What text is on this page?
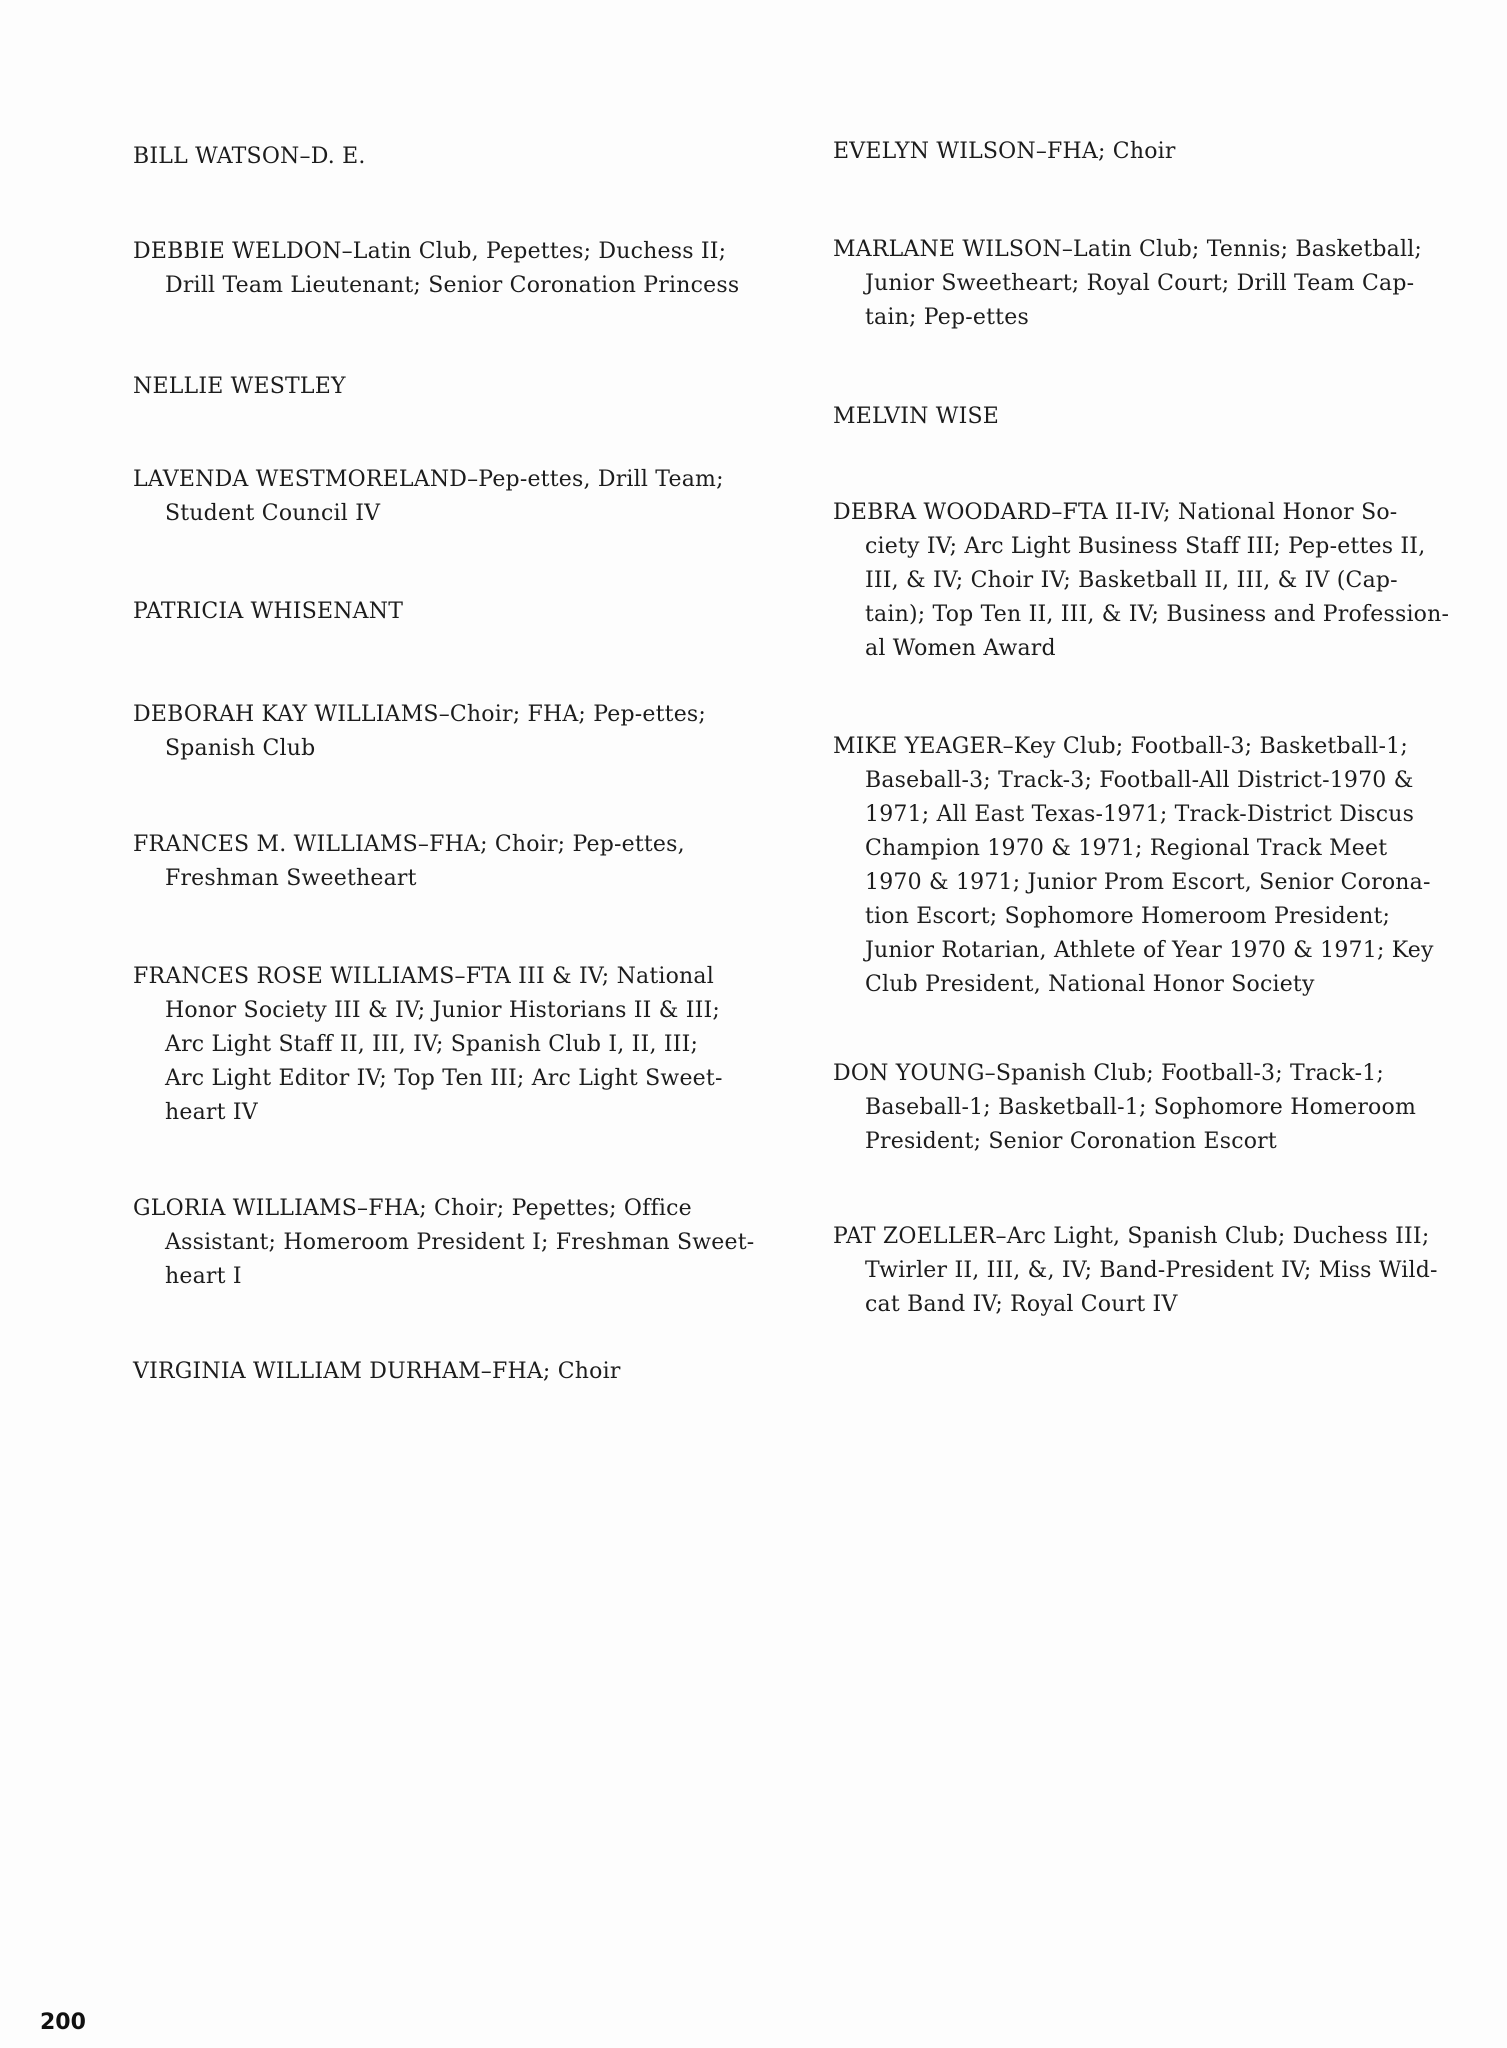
BILL WATSON–D. E.
DEBBIE WELDON–Latin Club, Pepettes; Duchess II;
Drill Team Lieutenant; Senior Coronation Princess
NELLIE WESTLEY
LAVENDA WESTMORELAND–Pep-ettes, Drill Team;
Student Council IV
PATRICIA WHISENANT
DEBORAH KAY WILLIAMS–Choir; FHA; Pep-ettes;
Spanish Club
FRANCES M. WILLIAMS–FHA; Choir; Pep-ettes,
Freshman Sweetheart
FRANCES ROSE WILLIAMS–FTA III & IV; National
Honor Society III & IV; Junior Historians II & III;
Arc Light Staff II, III, IV; Spanish Club I, II, III;
Arc Light Editor IV; Top Ten III; Arc Light Sweet-
heart IV
GLORIA WILLIAMS–FHA; Choir; Pepettes; Office
Assistant; Homeroom President I; Freshman Sweet-
heart I
VIRGINIA WILLIAM DURHAM–FHA; Choir
EVELYN WILSON–FHA; Choir
MARLANE WILSON–Latin Club; Tennis; Basketball;
Junior Sweetheart; Royal Court; Drill Team Cap-
tain; Pep-ettes
MELVIN WISE
DEBRA WOODARD–FTA II-IV; National Honor So-
ciety IV; Arc Light Business Staff III; Pep-ettes II,
III, & IV; Choir IV; Basketball II, III, & IV (Cap-
tain); Top Ten II, III, & IV; Business and Profession-
al Women Award
MIKE YEAGER–Key Club; Football-3; Basketball-1;
Baseball-3; Track-3; Football-All District-1970 &
1971; All East Texas-1971; Track-District Discus
Champion 1970 & 1971; Regional Track Meet
1970 & 1971; Junior Prom Escort, Senior Corona-
tion Escort; Sophomore Homeroom President;
Junior Rotarian, Athlete of Year 1970 & 1971; Key
Club President, National Honor Society
DON YOUNG–Spanish Club; Football-3; Track-1;
Baseball-1; Basketball-1; Sophomore Homeroom
President; Senior Coronation Escort
PAT ZOELLER–Arc Light, Spanish Club; Duchess III;
Twirler II, III, &, IV; Band-President IV; Miss Wild-
cat Band IV; Royal Court IV
200
